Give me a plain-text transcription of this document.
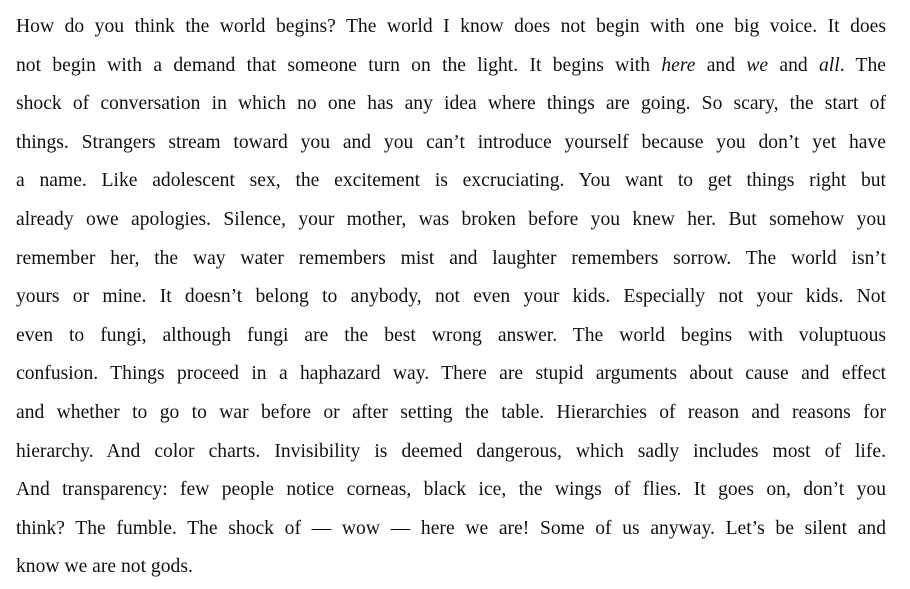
How do you think the world begins? The world I know does not begin with one big voice. It does
not begin with a demand that someone turn on the light. It begins with here and we and all. The
shock of conversation in which no one has any idea where things are going. So scary, the start of
things. Strangers stream toward you and you can’t introduce yourself because you don’t yet have
a name. Like adolescent sex, the excitement is excruciating. You want to get things right but
already owe apologies. Silence, your mother, was broken before you knew her. But somehow you
remember her, the way water remembers mist and laughter remembers sorrow. The world isn’t
yours or mine. It doesn’t belong to anybody, not even your kids. Especially not your kids. Not
even to fungi, although fungi are the best wrong answer. The world begins with voluptuous
confusion. Things proceed in a haphazard way. There are stupid arguments about cause and effect
and whether to go to war before or after setting the table. Hierarchies of reason and reasons for
hierarchy. And color charts. Invisibility is deemed dangerous, which sadly includes most of life.
And transparency: few people notice corneas, black ice, the wings of flies. It goes on, don’t you
think? The fumble. The shock of — wow — here we are! Some of us anyway. Let’s be silent and
know we are not gods.
